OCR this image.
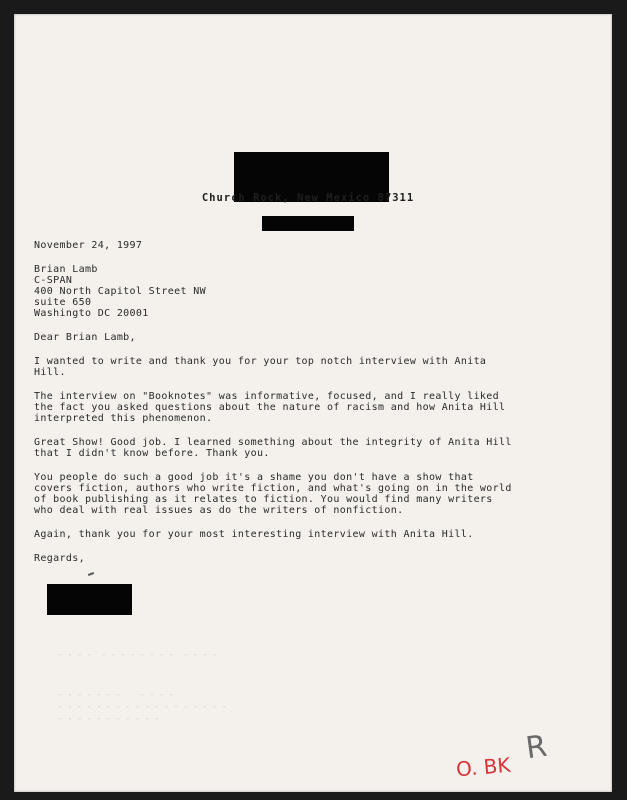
Church Rock, New Mexico 87311
November 24, 1997
Brian Lamb
C-SPAN
400 North Capitol Street NW
suite 650
Washingto DC 20001
Dear Brian Lamb,
I wanted to write and thank you for your top notch interview with Anita
Hill.
The interview on "Booknotes" was informative, focused, and I really liked
the fact you asked questions about the nature of racism and how Anita Hill
interpreted this phenomenon.
Great Show! Good job. I learned something about the integrity of Anita Hill
that I didn't know before. Thank you.
You people do such a good job it's a shame you don't have a show that
covers fiction, authors who write fiction, and what's going on in the world
of book publishing as it relates to fiction. You would find many writers
who deal with real issues as do the writers of nonfiction.
Again, thank you for your most interesting interview with Anita Hill.
Regards,
- - - -  - - - - - - - -  - - - -
- - - - - - -    - - - -
- - - - - - - - - - - - - - - - - -
- - - - - - - - - - -
O. BK
R
